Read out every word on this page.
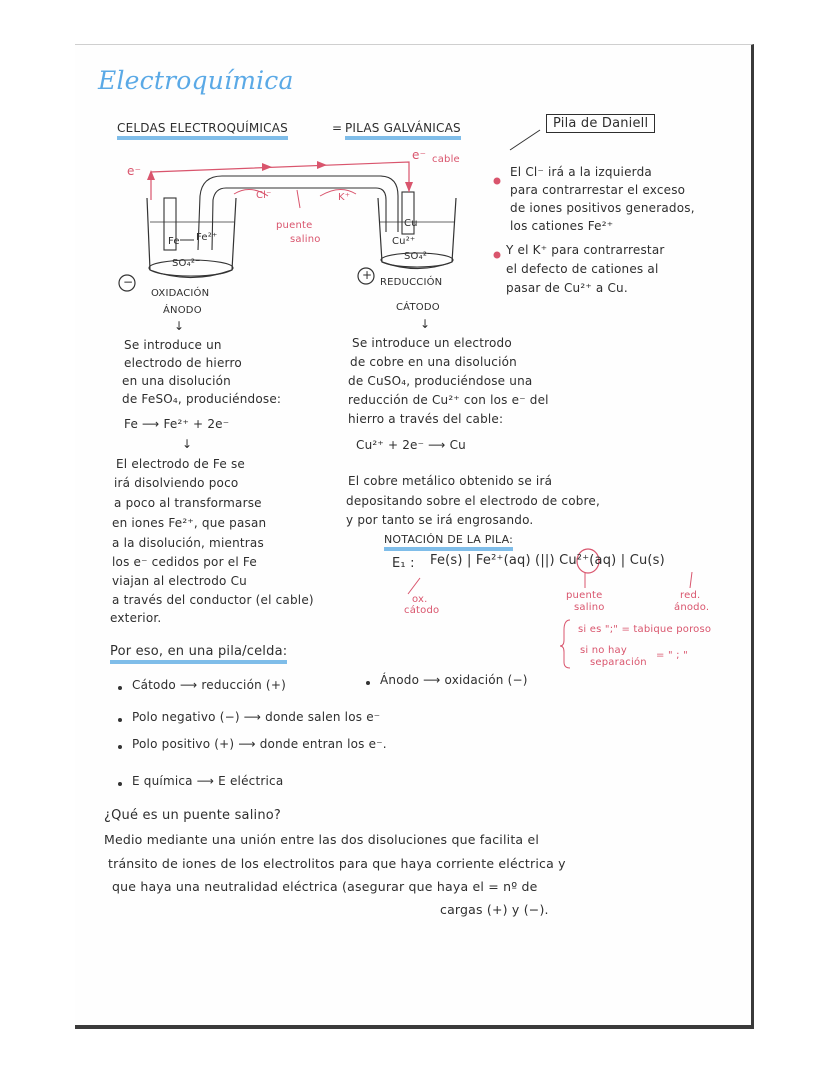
Electroquímica
CELDAS ELECTROQUÍMICAS	= PILAS GALVÁNICAS	Pila de Daniell
e⁻
e⁻ cable
Cl⁻	K⁺
puente
salino
Fe Fe²⁺
Cu
Cu²⁺
SO₄²⁻
SO₄²⁻
−	+
OXIDACIÓN
ÁNODO
↓
Se introduce un
electrodo de hierro
en una disolución
de FeSO₄, produciéndose:
Fe ⟶ Fe²⁺ + 2e⁻
↓
El electrodo de Fe se
irá disolviendo poco
a poco al transformarse
en iones Fe²⁺, que pasan
a la disolución, mientras
los e⁻ cedidos por el Fe
viajan al electrodo Cu
a través del conductor (el cable)
exterior.
REDUCCIÓN
CÁTODO
↓
Se introduce un electrodo
de cobre en una disolución
de CuSO₄, produciéndose una
reducción de Cu²⁺ con los e⁻ del
hierro a través del cable:
Cu²⁺ + 2e⁻ ⟶ Cu
El cobre metálico obtenido se irá
depositando sobre el electrodo de cobre,
y por tanto se irá engrosando.
El Cl⁻ irá a la izquierda
para contrarrestar el exceso
de iones positivos generados,
los cationes Fe²⁺
Y el K⁺ para contrarrestar
el defecto de cationes al
pasar de Cu²⁺ a Cu.
NOTACIÓN DE LA PILA:
E₁ : Fe(s) | Fe²⁺(aq) (||) Cu²⁺(aq) | Cu(s)
ox.
cátodo
puente
salino
red.
ánodo.
si es ";" = tabique poroso
si no hay
separación
= " ; "
Por eso, en una pila/celda:
Cátodo ⟶ reducción (+)	Ánodo ⟶ oxidación (−)
Polo negativo (−) ⟶ donde salen los e⁻
Polo positivo (+) ⟶ donde entran los e⁻.
E química ⟶ E eléctrica
¿Qué es un puente salino?
Medio mediante una unión entre las dos disoluciones que facilita el
tránsito de iones de los electrolitos para que haya corriente eléctrica y
que haya una neutralidad eléctrica (asegurar que haya el = nº de
cargas (+) y (−).
